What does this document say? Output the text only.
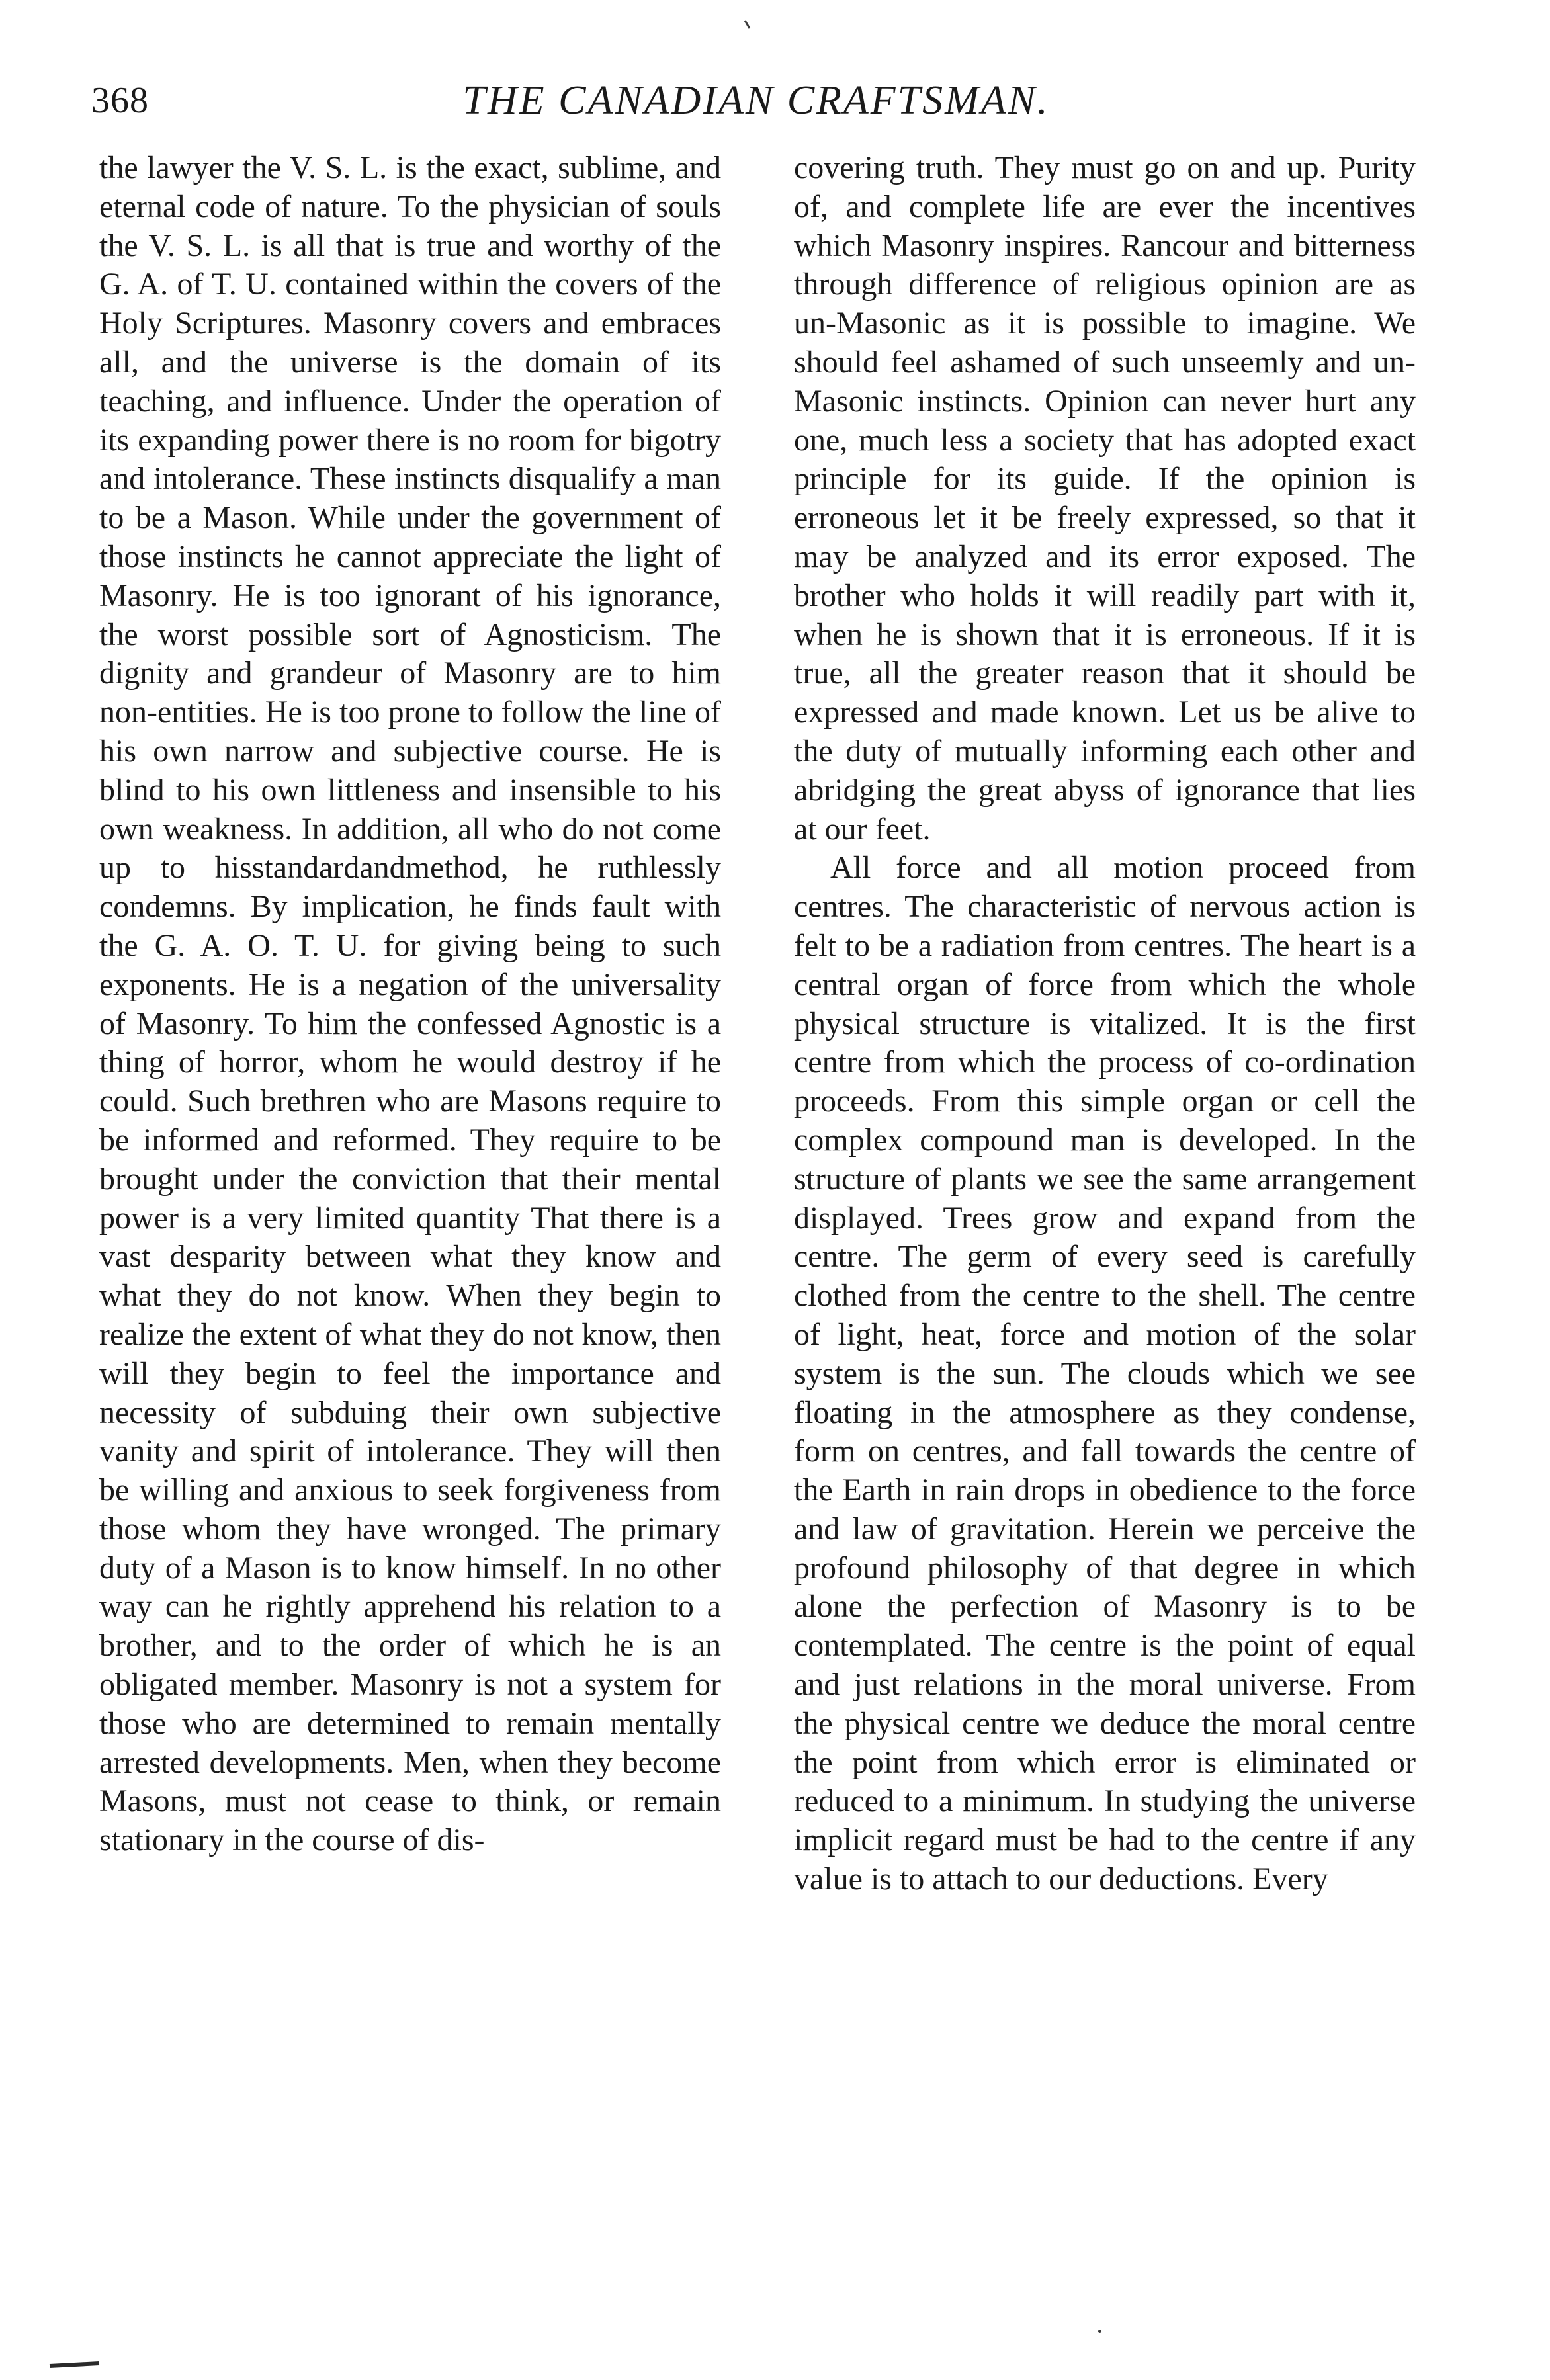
368	THE CANADIAN CRAFTSMAN.

the lawyer the V. S. L. is the exact, sublime, and eternal code of nature. To the physician of souls the V. S. L. is all that is true and worthy of the G. A. of T. U. contained within the covers of the Holy Scriptures. Masonry covers and embraces all, and the universe is the domain of its teaching, and influence. Under the operation of its expanding power there is no room for bigotry and intolerance. These instincts disqualify a man to be a Mason. While under the government of those instincts he cannot appreciate the light of Masonry. He is too ignorant of his ignorance, the worst possible sort of Agnosticism. The dignity and grandeur of Masonry are to him non-entities. He is too prone to follow the line of his own narrow and subjective course. He is blind to his own littleness and insensible to his own weakness. In addition, all who do not come up to hisstandardandmethod, he ruthlessly condemns. By implication, he finds fault with the G. A. O. T. U. for giving being to such exponents. He is a negation of the universality of Masonry. To him the confessed Agnostic is a thing of horror, whom he would destroy if he could. Such brethren who are Masons require to be informed and reformed. They require to be brought under the conviction that their mental power is a very limited quantity That there is a vast desparity between what they know and what they do not know. When they begin to realize the extent of what they do not know, then will they begin to feel the importance and necessity of subduing their own subjective vanity and spirit of intolerance. They will then be willing and anxious to seek forgiveness from those whom they have wronged. The primary duty of a Mason is to know himself. In no other way can he rightly apprehend his relation to a brother, and to the order of which he is an obligated member. Masonry is not a system for those who are determined to remain mentally arrested developments. Men, when they become Masons, must not cease to think, or remain stationary in the course of dis-

covering truth. They must go on and up. Purity of, and complete life are ever the incentives which Masonry inspires. Rancour and bitterness through difference of religious opinion are as un-Masonic as it is possible to imagine. We should feel ashamed of such unseemly and un-Masonic instincts. Opinion can never hurt any one, much less a society that has adopted exact principle for its guide. If the opinion is erroneous let it be freely expressed, so that it may be analyzed and its error exposed. The brother who holds it will readily part with it, when he is shown that it is erroneous. If it is true, all the greater reason that it should be expressed and made known. Let us be alive to the duty of mutually informing each other and abridging the great abyss of ignorance that lies at our feet.

All force and all motion proceed from centres. The characteristic of nervous action is felt to be a radiation from centres. The heart is a central organ of force from which the whole physical structure is vitalized. It is the first centre from which the process of co-ordination proceeds. From this simple organ or cell the complex compound man is developed. In the structure of plants we see the same arrangement displayed. Trees grow and expand from the centre. The germ of every seed is carefully clothed from the centre to the shell. The centre of light, heat, force and motion of the solar system is the sun. The clouds which we see floating in the atmosphere as they condense, form on centres, and fall towards the centre of the Earth in rain drops in obedience to the force and law of gravitation. Herein we perceive the profound philosophy of that degree in which alone the perfection of Masonry is to be contemplated. The centre is the point of equal and just relations in the moral universe. From the physical centre we deduce the moral centre the point from which error is eliminated or reduced to a minimum. In studying the universe implicit regard must be had to the centre if any value is to attach to our deductions. Every
